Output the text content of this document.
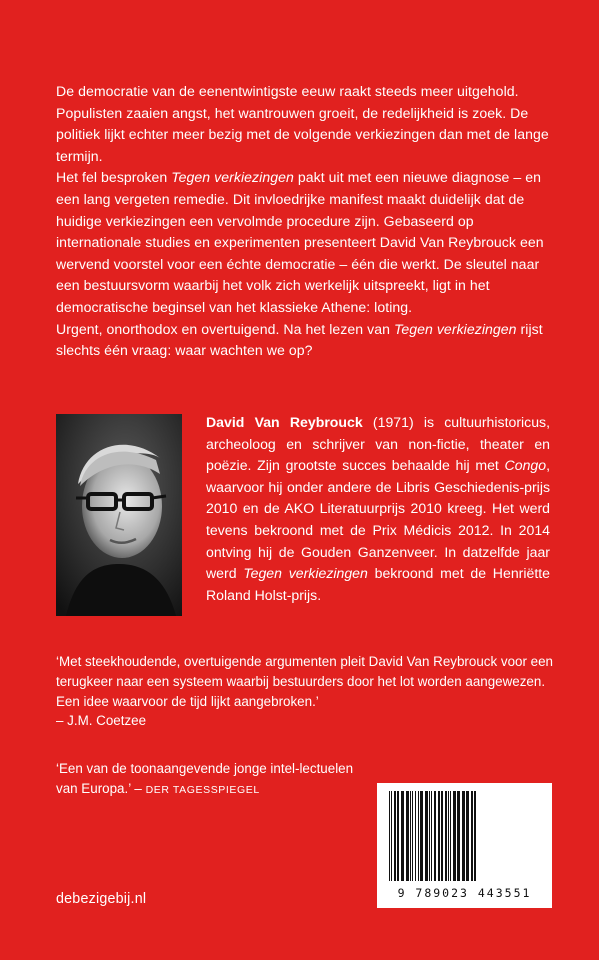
De democratie van de eenentwintigste eeuw raakt steeds meer uitgehold. Populisten zaaien angst, het wantrouwen groeit, de redelijkheid is zoek. De politiek lijkt echter meer bezig met de volgende verkiezingen dan met de lange termijn.

Het fel besproken Tegen verkiezingen pakt uit met een nieuwe diagnose – en een lang vergeten remedie. Dit invloedrijke manifest maakt duidelijk dat de huidige verkiezingen een vervolmde procedure zijn. Gebaseerd op internationale studies en experimenten presenteert David Van Reybrouck een wervend voorstel voor een échte democratie – één die werkt. De sleutel naar een bestuursvorm waarbij het volk zich werkelijk uitspreekt, ligt in het democratische beginsel van het klassieke Athene: loting.

Urgent, onorthodox en overtuigend. Na het lezen van Tegen verkiezingen rijst slechts één vraag: waar wachten we op?

David Van Reybrouck (1971) is cultuurhistoricus, archeoloog en schrijver van non-fictie, theater en poëzie. Zijn grootste succes behaalde hij met Congo, waarvoor hij onder andere de Libris Geschiedenis-prijs 2010 en de AKO Literatuurprijs 2010 kreeg. Het werd tevens bekroond met de Prix Médicis 2012. In 2014 ontving hij de Gouden Ganzenveer. In datzelfde jaar werd Tegen verkiezingen bekroond met de Henriëtte Roland Holst-prijs.

‘Met steekhoudende, overtuigende argumenten pleit David Van Reybrouck voor een terugkeer naar een systeem waarbij bestuurders door het lot worden aangewezen. Een idee waarvoor de tijd lijkt aangebroken.’

– J.M. Coetzee

‘Een van de toonaangevende jonge intel-lectuelen van Europa.’ – DER TAGESSPIEGEL

debezigebij.nl	9 789023 443551
